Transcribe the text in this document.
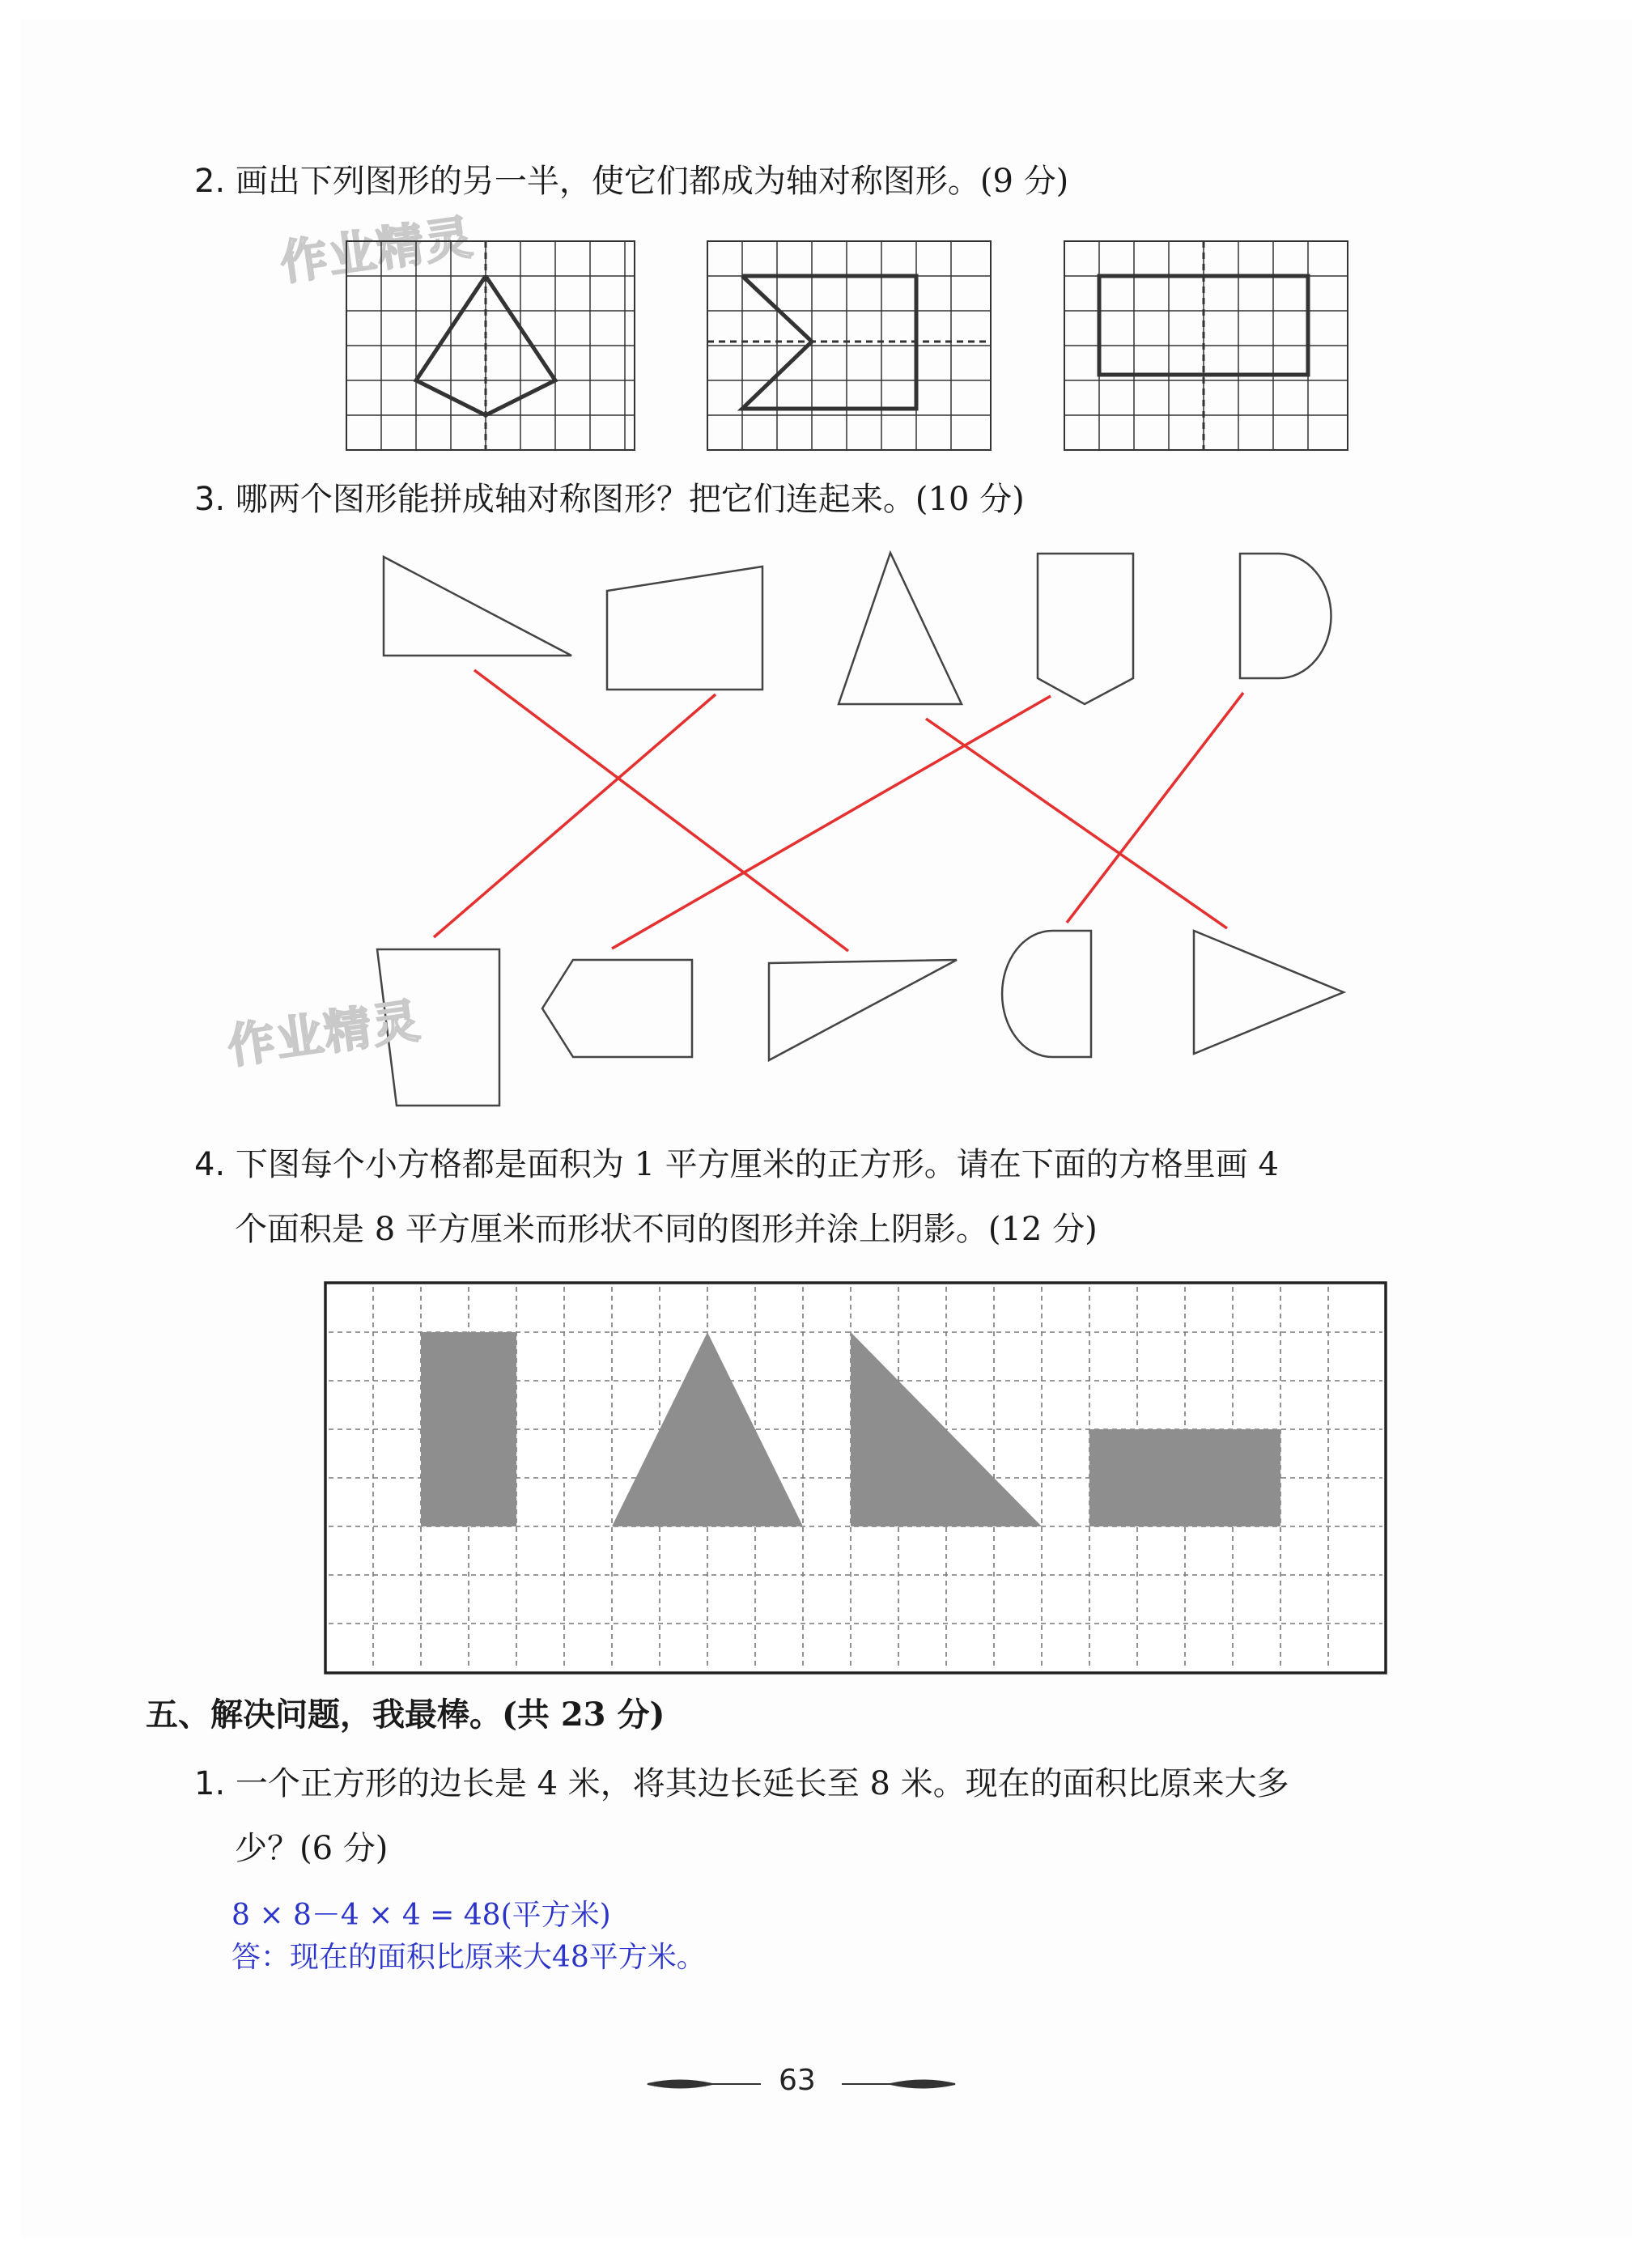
2. 画出下列图形的另一半，使它们都成为轴对称图形。(9 分)
作业精灵
3. 哪两个图形能拼成轴对称图形？把它们连起来。(10 分)
作业精灵
4. 下图每个小方格都是面积为 1 平方厘米的正方形。请在下面的方格里画 4
个面积是 8 平方厘米而形状不同的图形并涂上阴影。(12 分)
五、解决问题，我最棒。(共 23 分)
1. 一个正方形的边长是 4 米，将其边长延长至 8 米。现在的面积比原来大多
少？(6 分)
8 × 8－4 × 4 = 48(平方米)
答：现在的面积比原来大48平方米。
63
